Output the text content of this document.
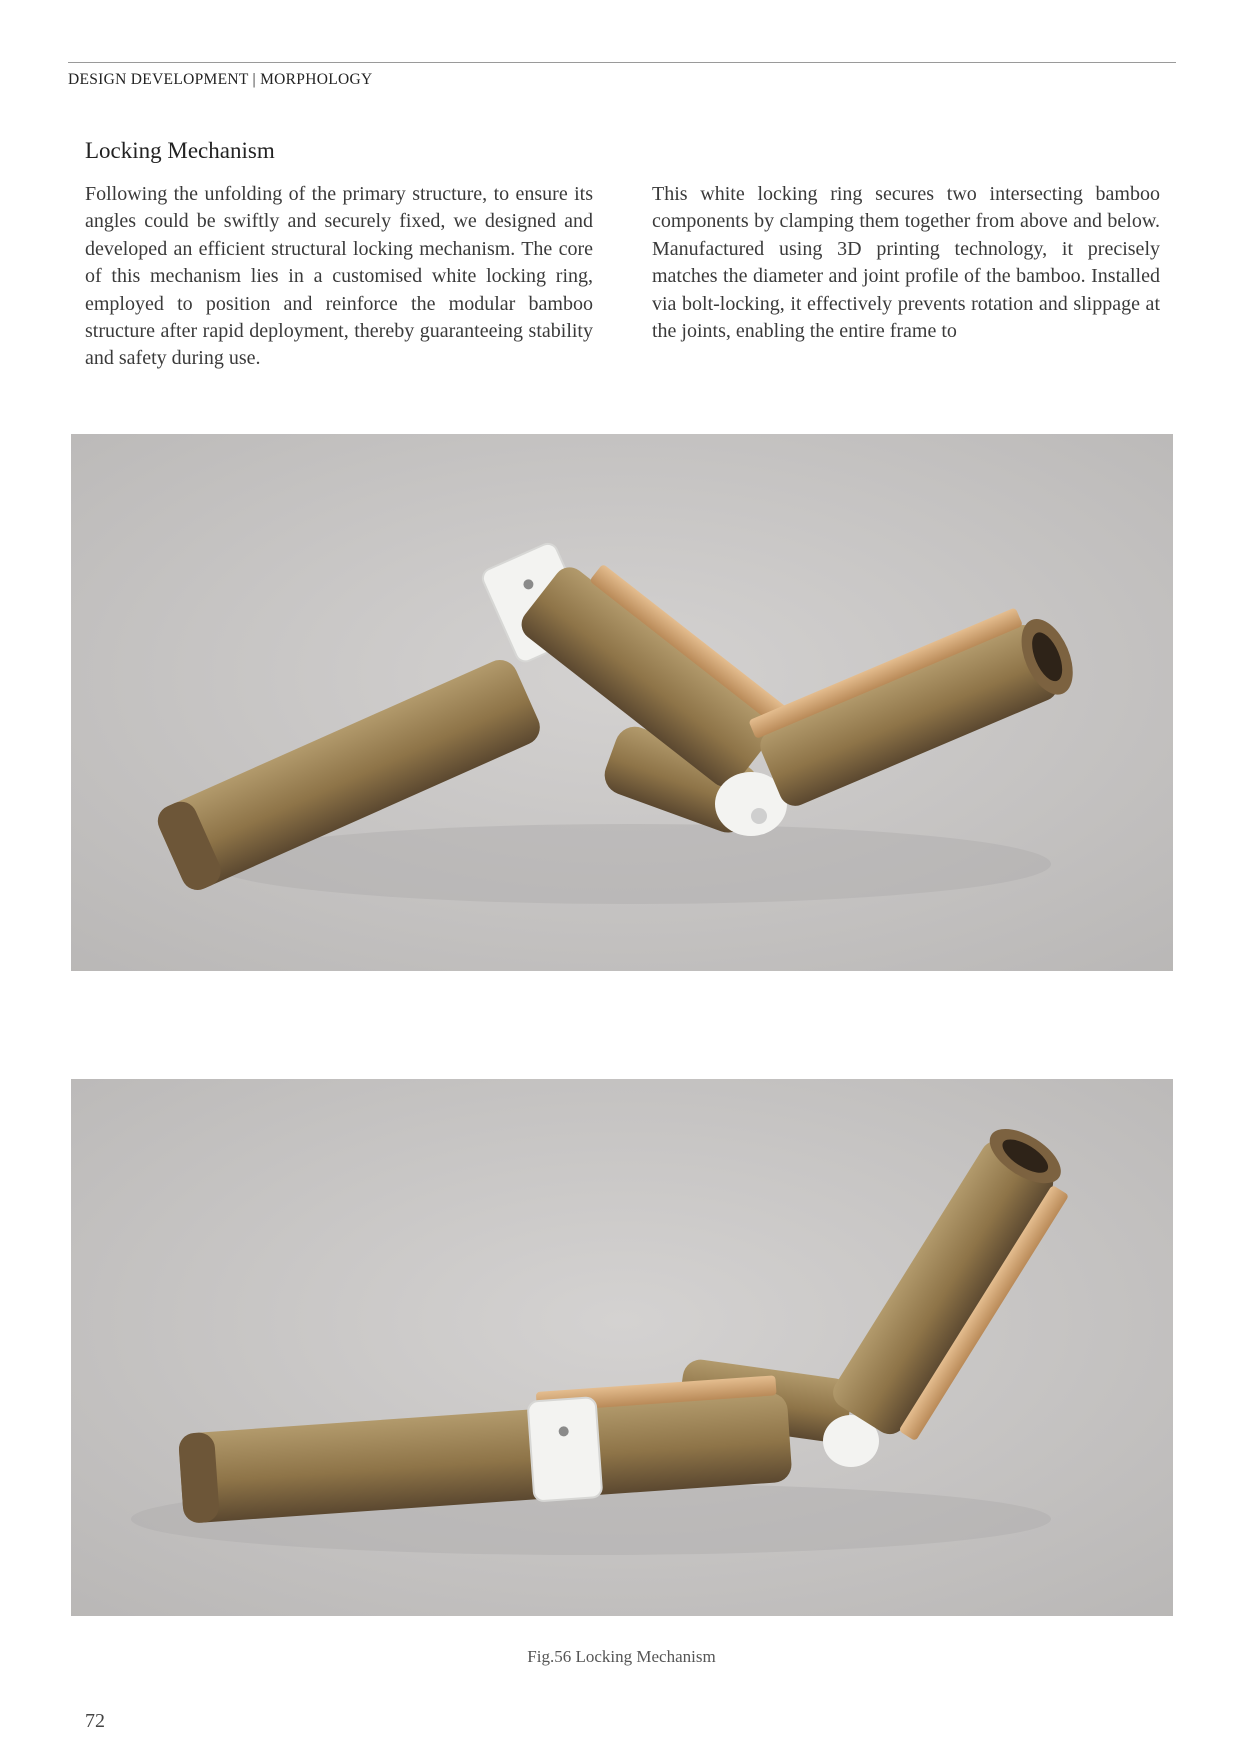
DESIGN DEVELOPMENT | MORPHOLOGY
Locking Mechanism

Following the unfolding of the primary structure, to ensure its angles could be swiftly and securely fixed, we designed and developed an efficient structural locking mechanism. The core of this mechanism lies in a customised white locking ring, employed to position and reinforce the modular bamboo structure after rapid deployment, thereby guaranteeing stability and safety during use.

This white locking ring secures two intersecting bamboo components by clamping them together from above and below. Manufactured using 3D printing technology, it precisely matches the diameter and joint profile of the bamboo. Installed via bolt-locking, it effectively prevents rotation and slippage at the joints, enabling the entire frame to

Fig.56 Locking Mechanism
72
